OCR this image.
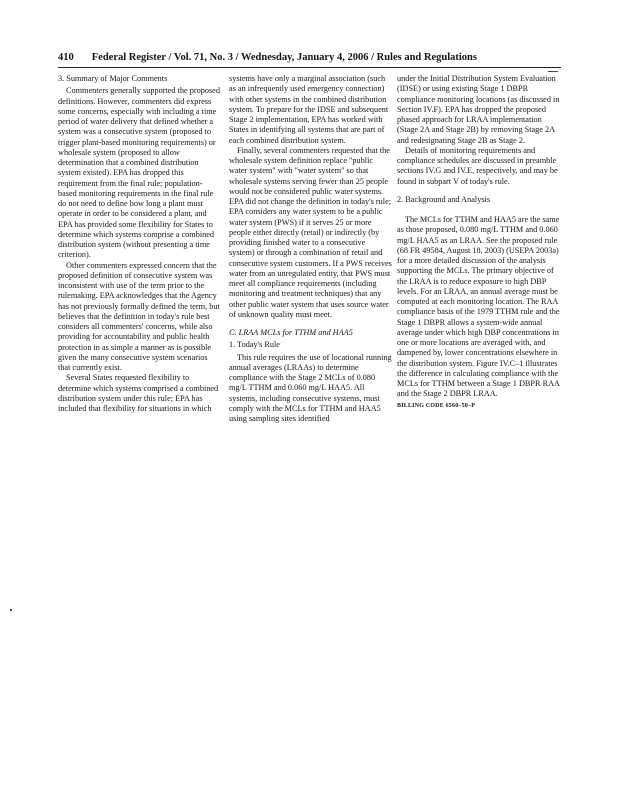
410 Federal Register / Vol. 71, No. 3 / Wednesday, January 4, 2006 / Rules and Regulations
3. Summary of Major Comments

Commenters generally supported the proposed definitions. However, commenters did express some concerns, especially with including a time period of water delivery that defined whether a system was a consecutive system (proposed to trigger plant-based monitoring requirements) or wholesale system (proposed to allow determination that a combined distribution system existed). EPA has dropped this requirement from the final rule; population-based monitoring requirements in the final rule do not need to define how long a plant must operate in order to be considered a plant, and EPA has provided some flexibility for States to determine which systems comprise a combined distribution system (without presenting a time criterion).

Other commenters expressed concern that the proposed definition of consecutive system was inconsistent with use of the term prior to the rulemaking. EPA acknowledges that the Agency has not previously formally defined the term, but believes that the definition in today's rule best considers all commenters' concerns, while also providing for accountability and public health protection in as simple a manner as is possible given the many consecutive system scenarios that currently exist.

Several States requested flexibility to determine which systems comprised a combined distribution system under this rule; EPA has included that flexibility for situations in which

systems have only a marginal association (such as an infrequently used emergency connection) with other systems in the combined distribution system. To prepare for the IDSE and subsequent Stage 2 implementation, EPA has worked with States in identifying all systems that are part of each combined distribution system.

Finally, several commenters requested that the wholesale system definition replace "public water system" with "water system" so that wholesale systems serving fewer than 25 people would not be considered public water systems. EPA did not change the definition in today's rule; EPA considers any water system to be a public water system (PWS) if it serves 25 or more people either directly (retail) or indirectly (by providing finished water to a consecutive system) or through a combination of retail and consecutive system customers. If a PWS receives water from an unregulated entity, that PWS must meet all compliance requirements (including monitoring and treatment techniques) that any other public water system that uses source water of unknown quality must meet.

C. LRAA MCLs for TTHM and HAA5
1. Today's Rule

This rule requires the use of locational running annual averages (LRAAs) to determine compliance with the Stage 2 MCLs of 0.080 mg/L TTHM and 0.060 mg/L HAA5. All systems, including consecutive systems, must comply with the MCLs for TTHM and HAA5 using sampling sites identified

under the Initial Distribution System Evaluation (IDSE) or using existing Stage 1 DBPR compliance monitoring locations (as discussed in Section IV.F). EPA has dropped the proposed phased approach for LRAA implementation (Stage 2A and Stage 2B) by removing Stage 2A and redesignating Stage 2B as Stage 2.

Details of monitoring requirements and compliance schedules are discussed in preamble sections IV.G and IV.E, respectively, and may be found in subpart V of today's rule.

2. Background and Analysis

The MCLs for TTHM and HAA5 are the same as those proposed, 0.080 mg/L TTHM and 0.060 mg/L HAA5 as an LRAA. See the proposed rule (68 FR 49584, August 18, 2003) (USEPA 2003a) for a more detailed discussion of the analysis supporting the MCLs. The primary objective of the LRAA is to reduce exposure to high DBP levels. For an LRAA, an annual average must be computed at each monitoring location. The RAA compliance basis of the 1979 TTHM rule and the Stage 1 DBPR allows a system-wide annual average under which high DBP concentrations in one or more locations are averaged with, and dampened by, lower concentrations elsewhere in the distribution system. Figure IV.C–1 illustrates the difference in calculating compliance with the MCLs for TTHM between a Stage 1 DBPR RAA and the Stage 2 DBPR LRAA.

BILLING CODE 6560–50–P
